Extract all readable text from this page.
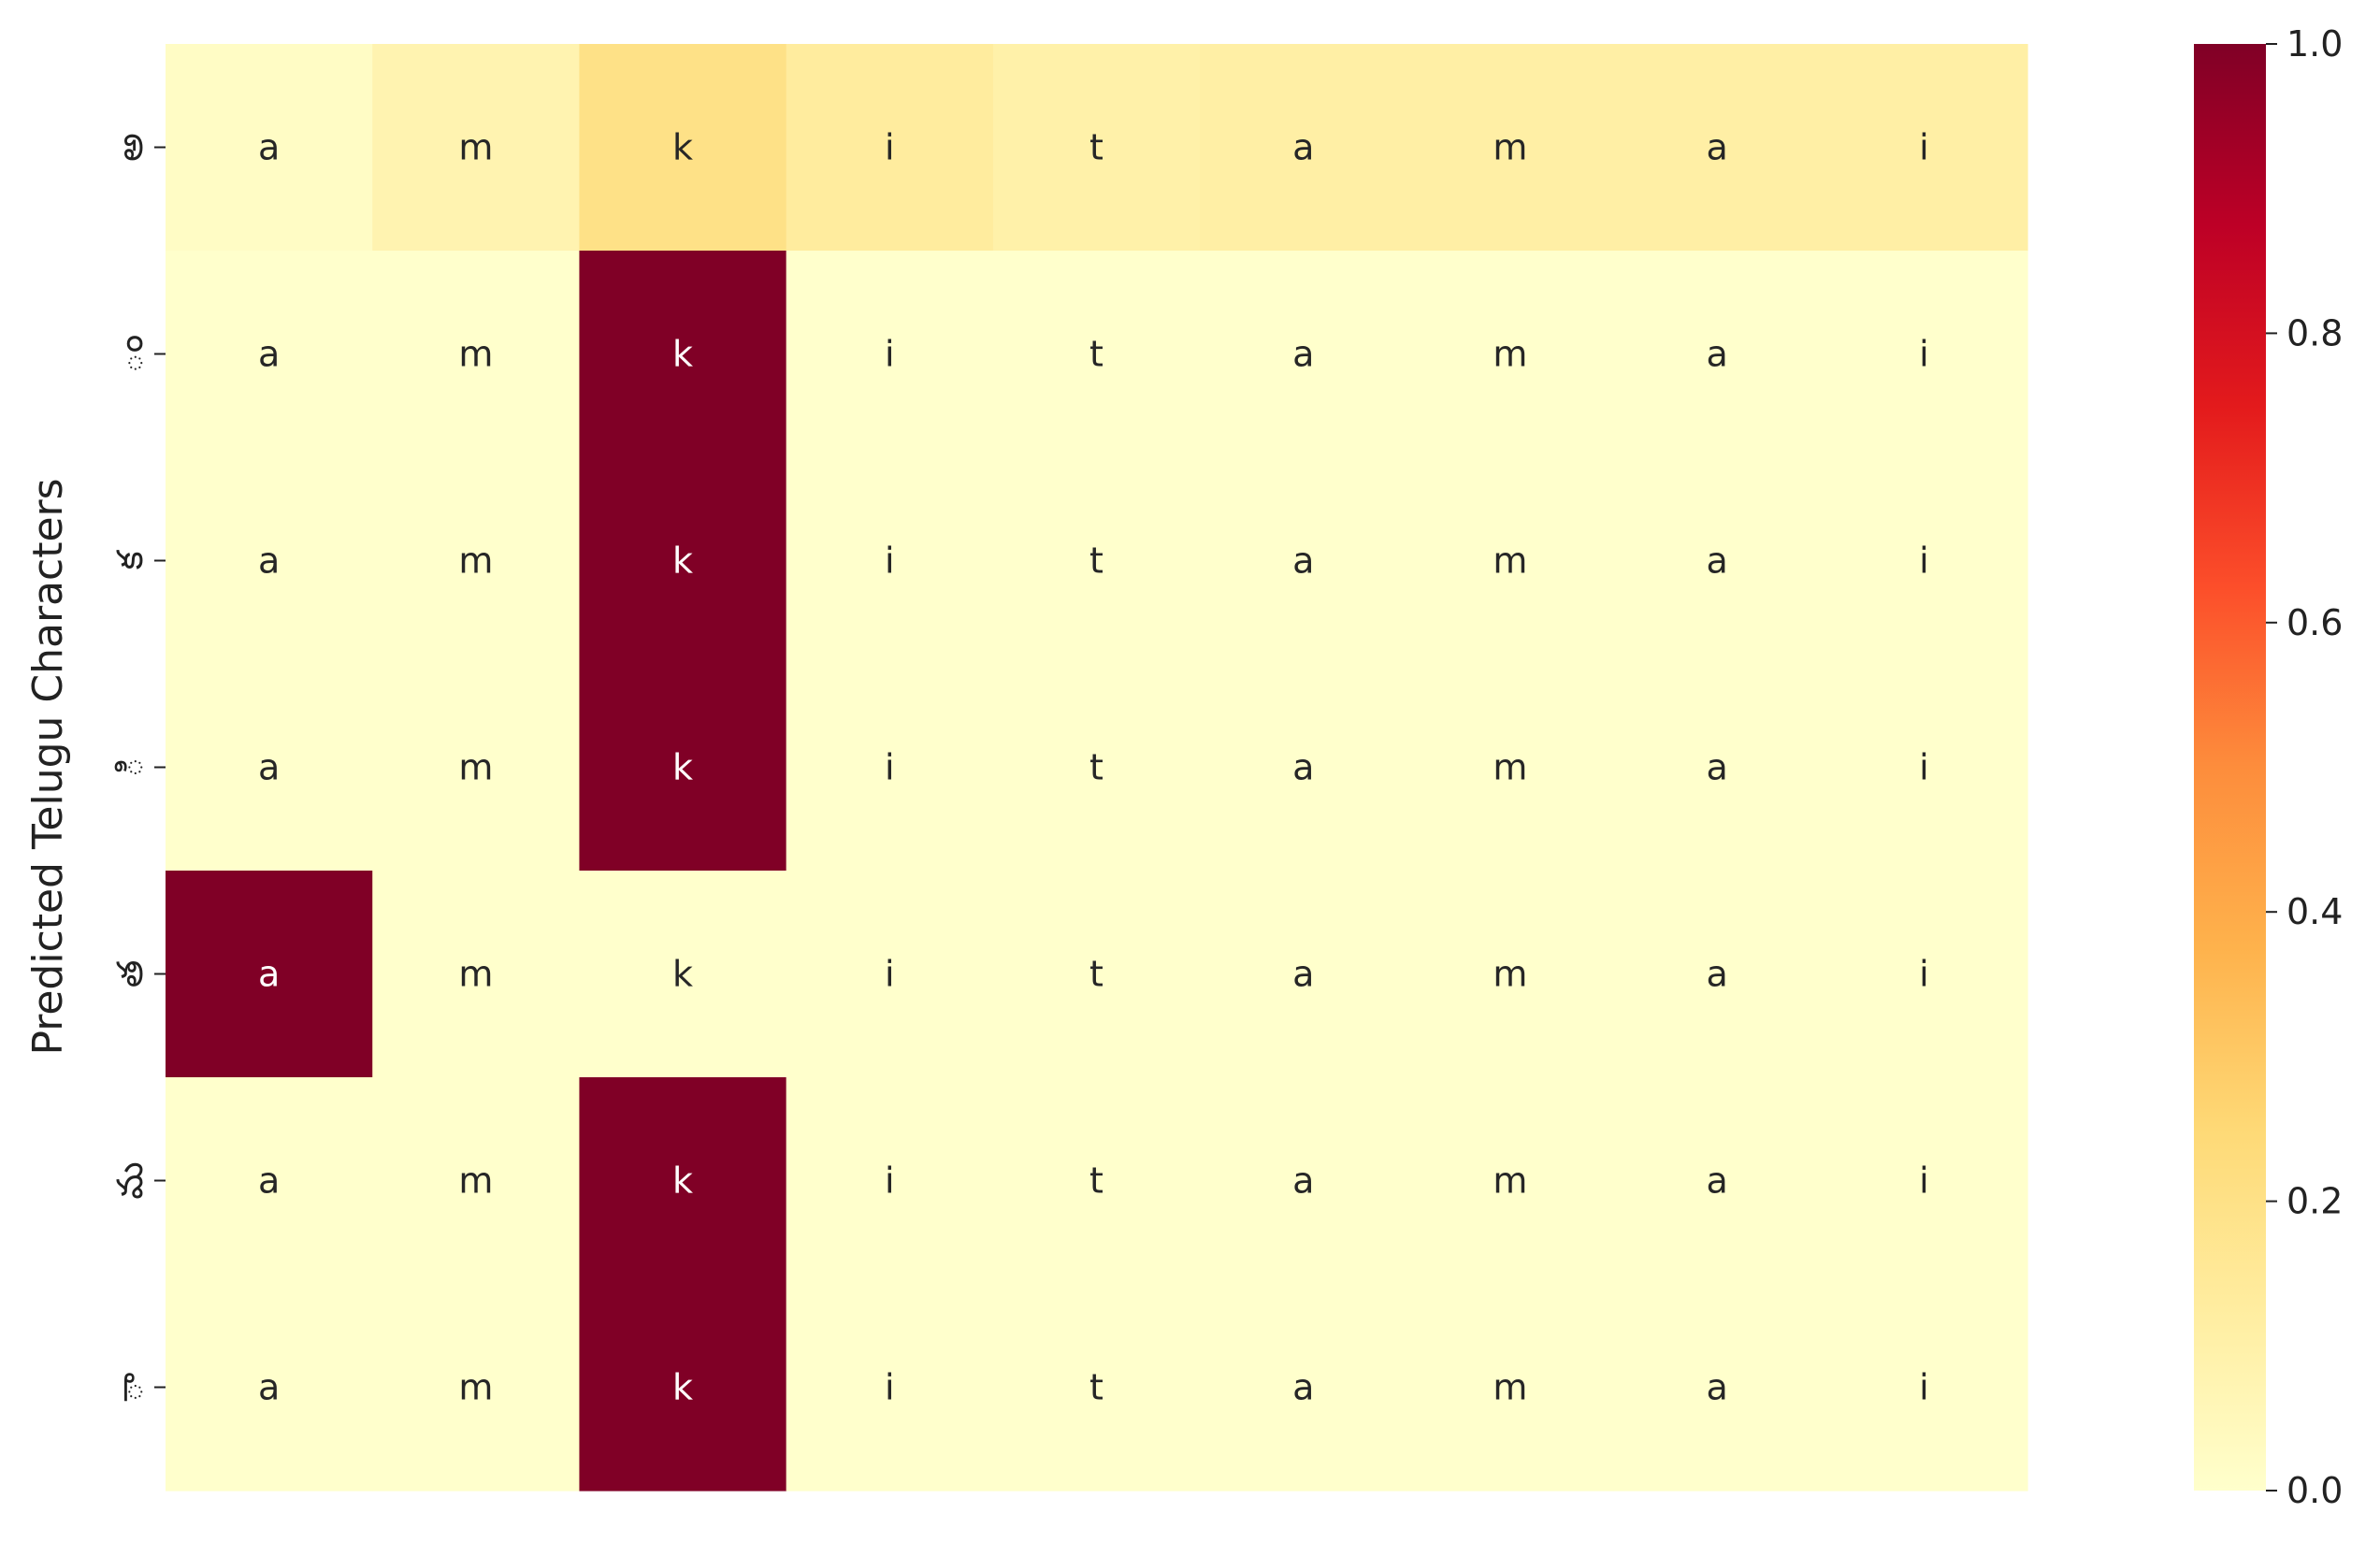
a	m	k	i	t	a	m	a	i
a	m	k	i	t	a	m	a	i
a	m	k	i	t	a	m	a	i
a	m	k	i	t	a	m	a	i
a	m	k	i	t	a	m	a	i
a	m	k	i	t	a	m	a	i
a	m	k	i	t	a	m	a	i
అ
ం
క
ి
త
మ
ా
Predicted Telugu Characters
0.0
0.2
0.4
0.6
0.8
1.0
